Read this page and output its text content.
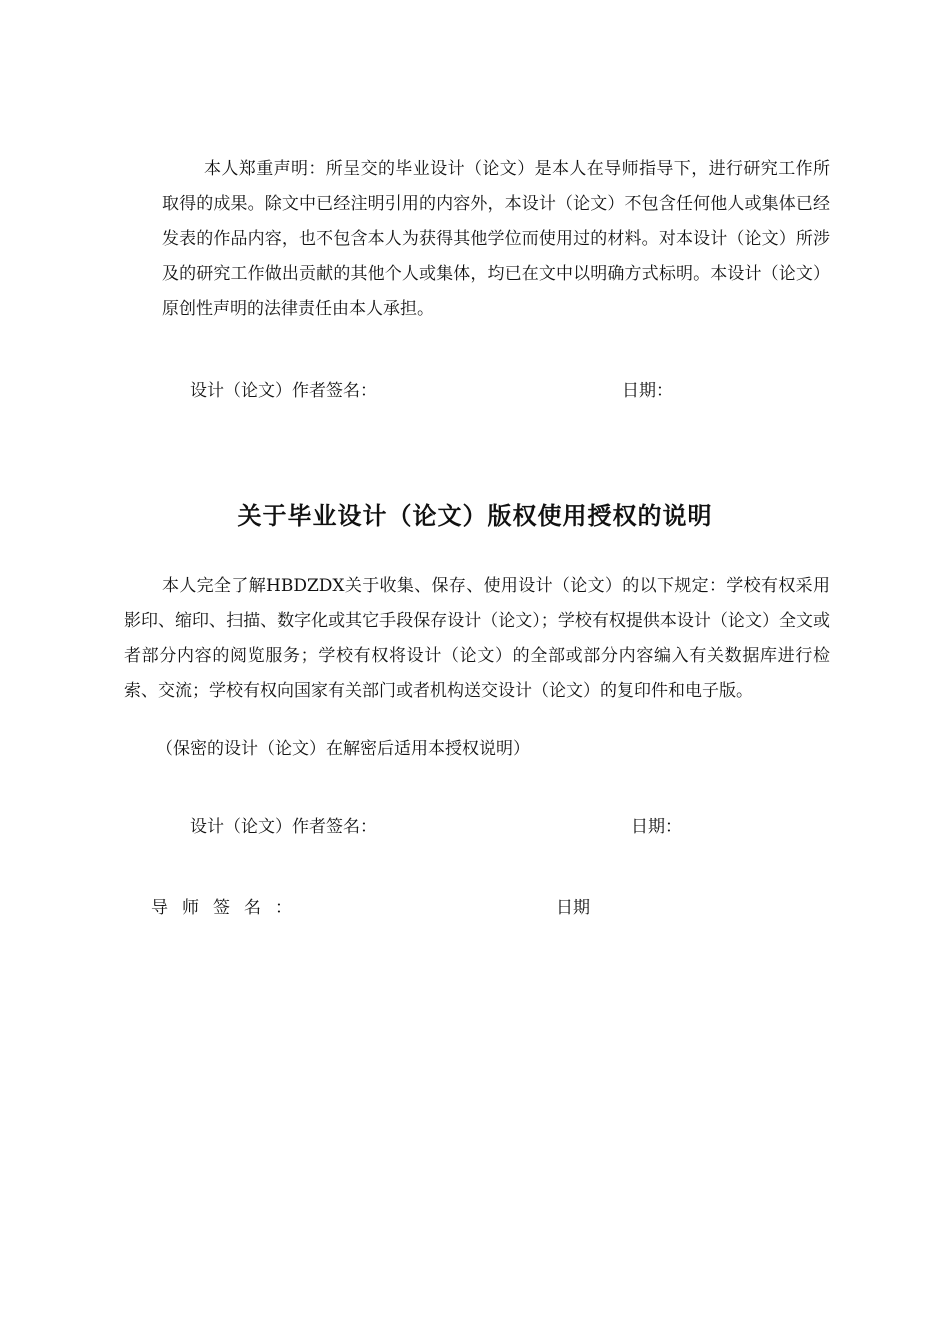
本人郑重声明：所呈交的毕业设计（论文）是本人在导师指导下，进行研究工作所取得的成果。除文中已经注明引用的内容外，本设计（论文）不包含任何他人或集体已经发表的作品内容，也不包含本人为获得其他学位而使用过的材料。对本设计（论文）所涉及的研究工作做出贡献的其他个人或集体，均已在文中以明确方式标明。本设计（论文）原创性声明的法律责任由本人承担。

设计（论文）作者签名：	日期：
关于毕业设计（论文）版权使用授权的说明

本人完全了解HBDZDX关于收集、保存、使用设计（论文）的以下规定：学校有权采用影印、缩印、扫描、数字化或其它手段保存设计（论文）；学校有权提供本设计（论文）全文或者部分内容的阅览服务；学校有权将设计（论文）的全部或部分内容编入有关数据库进行检索、交流；学校有权向国家有关部门或者机构送交设计（论文）的复印件和电子版。

（保密的设计（论文）在解密后适用本授权说明）
设计（论文）作者签名：	日期：
导师签名：	日期
